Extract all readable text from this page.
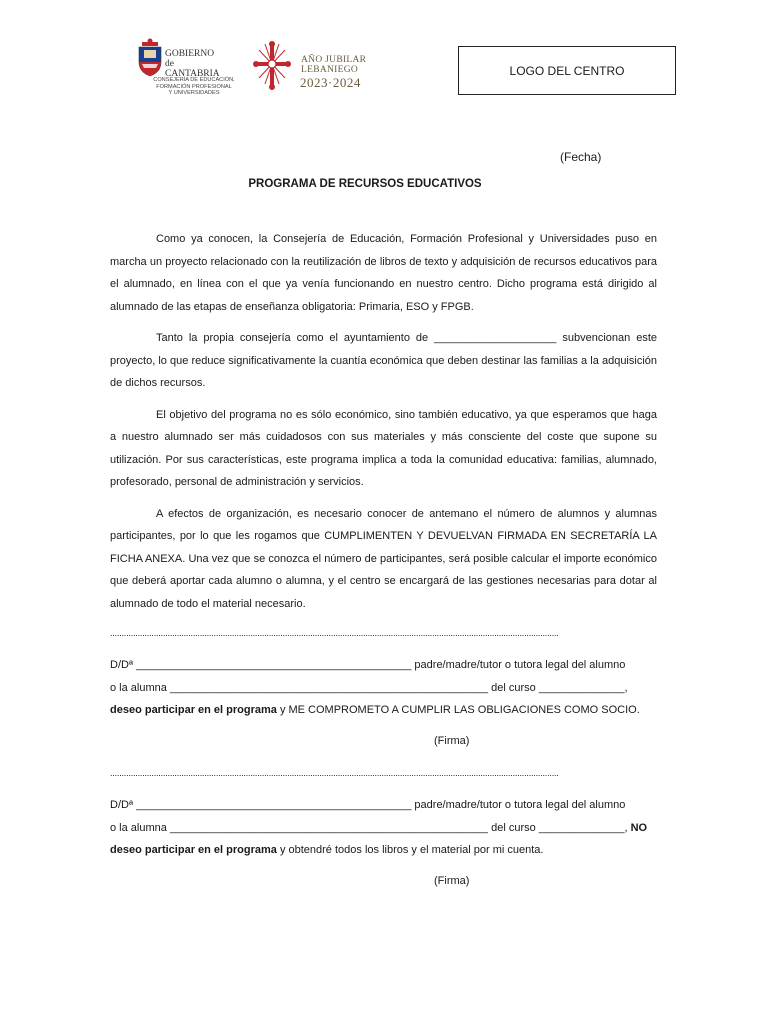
GOBIERNO
de
CANTABRIA
CONSEJERÍA DE EDUCACIÓN,
FORMACIÓN PROFESIONAL
Y UNIVERSIDADES
AÑO JUBILAR
LEBANIEGO
2023·2024
LOGO DEL CENTRO
(Fecha)
PROGRAMA DE RECURSOS EDUCATIVOS

Como ya conocen, la Consejería de Educación, Formación Profesional y Universidades puso en marcha un proyecto relacionado con la reutilización de libros de texto y adquisición de recursos educativos para el alumnado, en línea con el que ya venía funcionando en nuestro centro. Dicho programa está dirigido al alumnado de las etapas de enseñanza obligatoria: Primaria, ESO y FPGB.

Tanto la propia consejería como el ayuntamiento de ____________________ subvencionan este proyecto, lo que reduce significativamente la cuantía económica que deben destinar las familias a la adquisición de dichos recursos.

El objetivo del programa no es sólo económico, sino también educativo, ya que esperamos que haga a nuestro alumnado ser más cuidadosos con sus materiales y más consciente del coste que supone su utilización. Por sus características, este programa implica a toda la comunidad educativa: familias, alumnado, profesorado, personal de administración y servicios.

A efectos de organización, es necesario conocer de antemano el número de alumnos y alumnas participantes, por lo que les rogamos que CUMPLIMENTEN Y DEVUELVAN FIRMADA EN SECRETARÍA LA FICHA ANEXA. Una vez que se conozca el número de participantes, será posible calcular el importe económico que deberá aportar cada alumno o alumna, y el centro se encargará de las gestiones necesarias para dotar al alumnado de todo el material necesario.

...................................................................................................................................................................................................

D/Dª _____________________________________________ padre/madre/tutor o tutora legal del alumno

o la alumna ____________________________________________________ del curso ______________,

deseo participar en el programa y ME COMPROMETO A CUMPLIR LAS OBLIGACIONES COMO SOCIO.

(Firma)
...................................................................................................................................................................................................

D/Dª _____________________________________________ padre/madre/tutor o tutora legal del alumno

o la alumna ____________________________________________________ del curso ______________, NO

deseo participar en el programa y obtendré todos los libros y el material por mi cuenta.

(Firma)
